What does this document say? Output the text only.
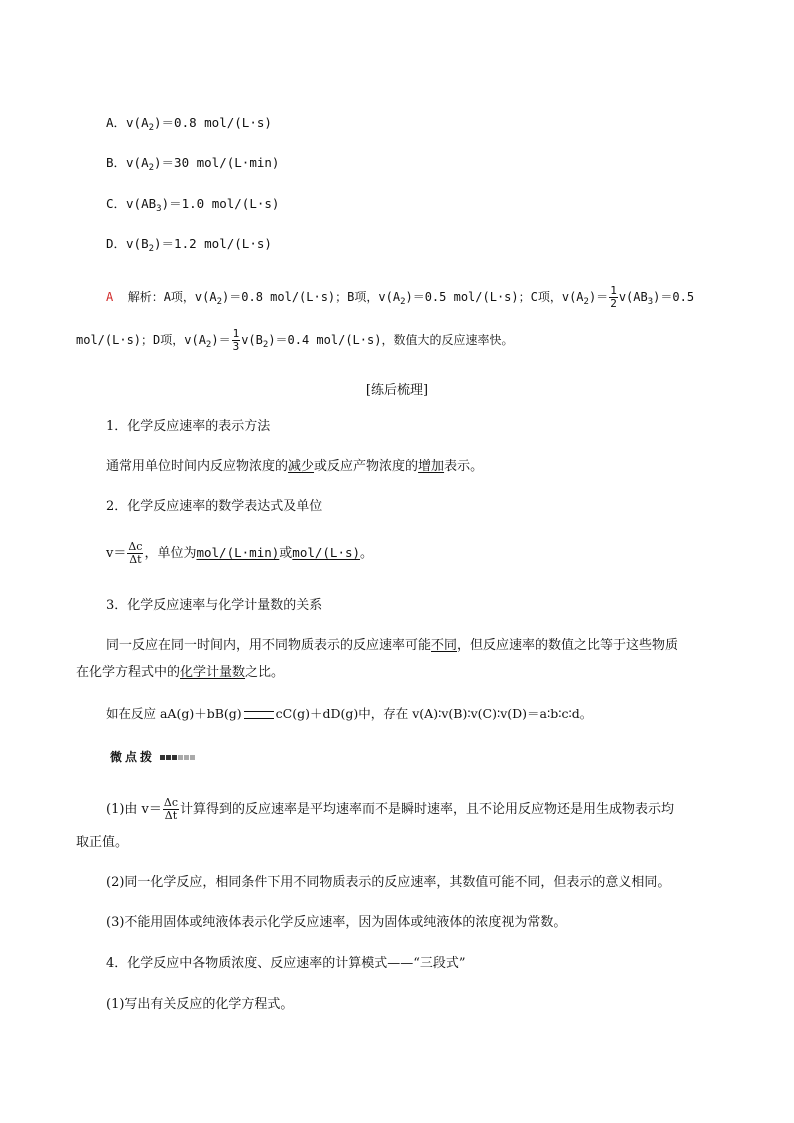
A．$v(A_2)=0.8$ mol/(L·s)
B．$v(A_2)=30$ mol/(L·min)
C．$v(AB_3)=1.0$ mol/(L·s)
D．$v(B_2)=1.2$ mol/(L·s)
A 解析：A项，$v(A_2)=0.8$ mol/(L·s)；B项，$v(A_2)=0.5$ mol/(L·s)；C项，$v(A_2)= \frac{1}{2} v(AB_3)=0.5$
mol/(L·s)；D项，$v(A_2)= \frac{1}{3} v(B_2)=0.4$ mol/(L·s)，数值大的反应速率快。
[练后梳理]
1．化学反应速率的表示方法
通常用单位时间内反应物浓度的减少或反应产物浓度的增加表示。
2．化学反应速率的数学表达式及单位
$v= \frac{\Delta c}{\Delta t}$ ，单位为mol/(L·min)或mol/(L·s)。
3．化学反应速率与化学计量数的关系
同一反应在同一时间内，用不同物质表示的反应速率可能不同，但反应速率的数值之比等于这些物质
在化学方程式中的化学计量数之比。
如在反应 aA(g)＋bB(g)	cC(g)＋dD(g)中，存在 v(A)∶v(B)∶v(C)∶v(D)＝a∶b∶c∶d。
微点拨
(1)由 $v= \frac{\Delta c}{\Delta t}$ 计算得到的反应速率是平均速率而不是瞬时速率，且不论用反应物还是用生成物表示均
取正值。
(2)同一化学反应，相同条件下用不同物质表示的反应速率，其数值可能不同，但表示的意义相同。
(3)不能用固体或纯液体表示化学反应速率，因为固体或纯液体的浓度视为常数。
4．化学反应中各物质浓度、反应速率的计算模式——“三段式”
(1)写出有关反应的化学方程式。
